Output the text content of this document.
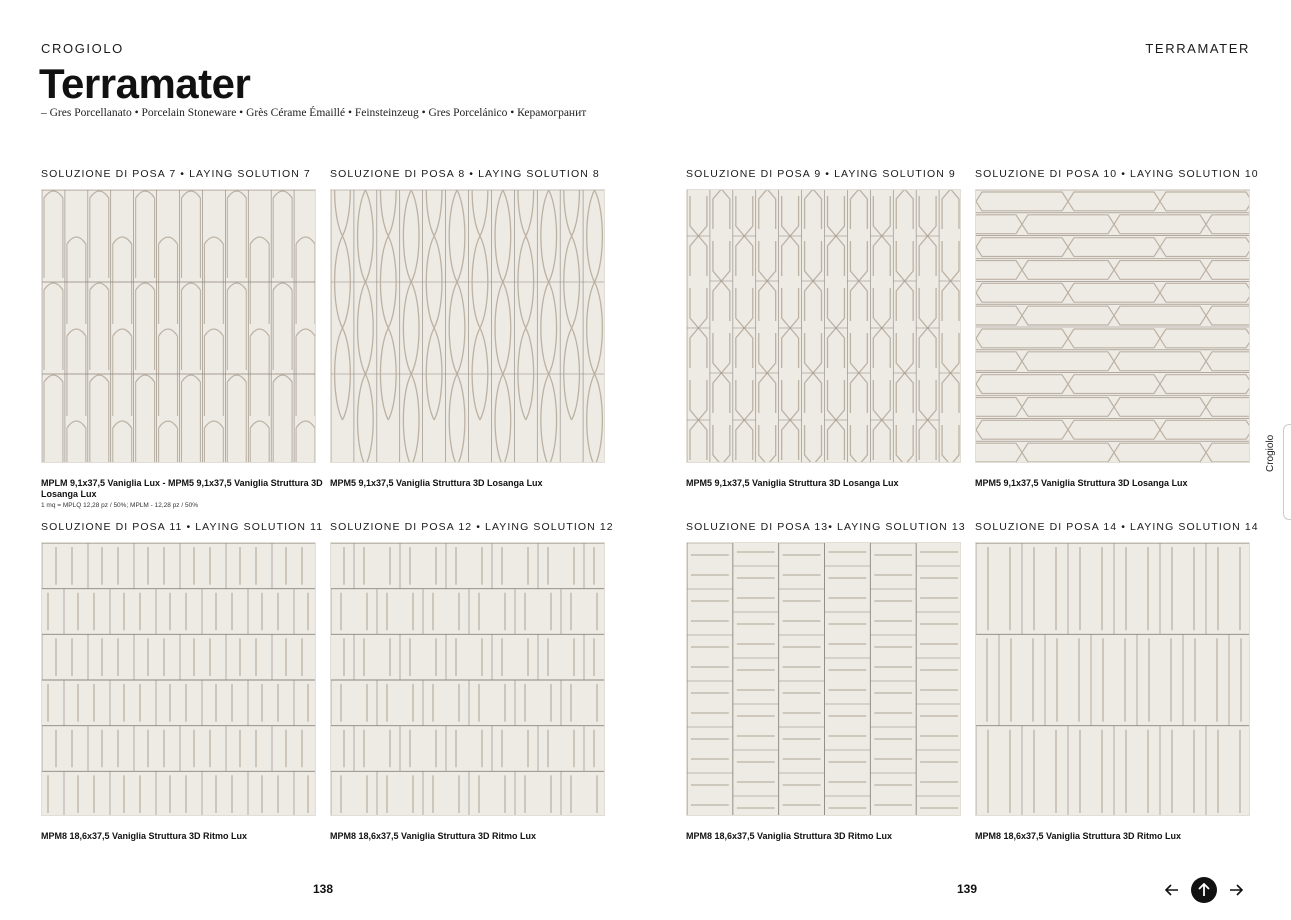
CROGIOLO	TERRAMATER
Terramater
– Gres Porcellanato • Porcelain Stoneware • Grès Cérame Émaillé • Feinsteinzeug • Gres Porcelánico • Керамогранит
SOLUZIONE DI POSA 7 • LAYING SOLUTION 7
MPLM 9,1x37,5 Vaniglia Lux - MPM5 9,1x37,5 Vaniglia Struttura 3D Losanga Lux
1 mq = MPLQ 12,28 pz / 50%; MPLM - 12,28 pz / 50%
SOLUZIONE DI POSA 8 • LAYING SOLUTION 8
MPM5 9,1x37,5 Vaniglia Struttura 3D Losanga Lux
SOLUZIONE DI POSA 9 • LAYING SOLUTION 9
MPM5 9,1x37,5 Vaniglia Struttura 3D Losanga Lux
SOLUZIONE DI POSA 10 • LAYING SOLUTION 10
MPM5 9,1x37,5 Vaniglia Struttura 3D Losanga Lux
SOLUZIONE DI POSA 11 • LAYING SOLUTION 11
MPM8 18,6x37,5 Vaniglia Struttura 3D Ritmo Lux
SOLUZIONE DI POSA 12 • LAYING SOLUTION 12
MPM8 18,6x37,5 Vaniglia Struttura 3D Ritmo Lux
SOLUZIONE DI POSA 13• LAYING SOLUTION 13
MPM8 18,6x37,5 Vaniglia Struttura 3D Ritmo Lux
SOLUZIONE DI POSA 14 • LAYING SOLUTION 14
MPM8 18,6x37,5 Vaniglia Struttura 3D Ritmo Lux
138	139
Crogiolo
